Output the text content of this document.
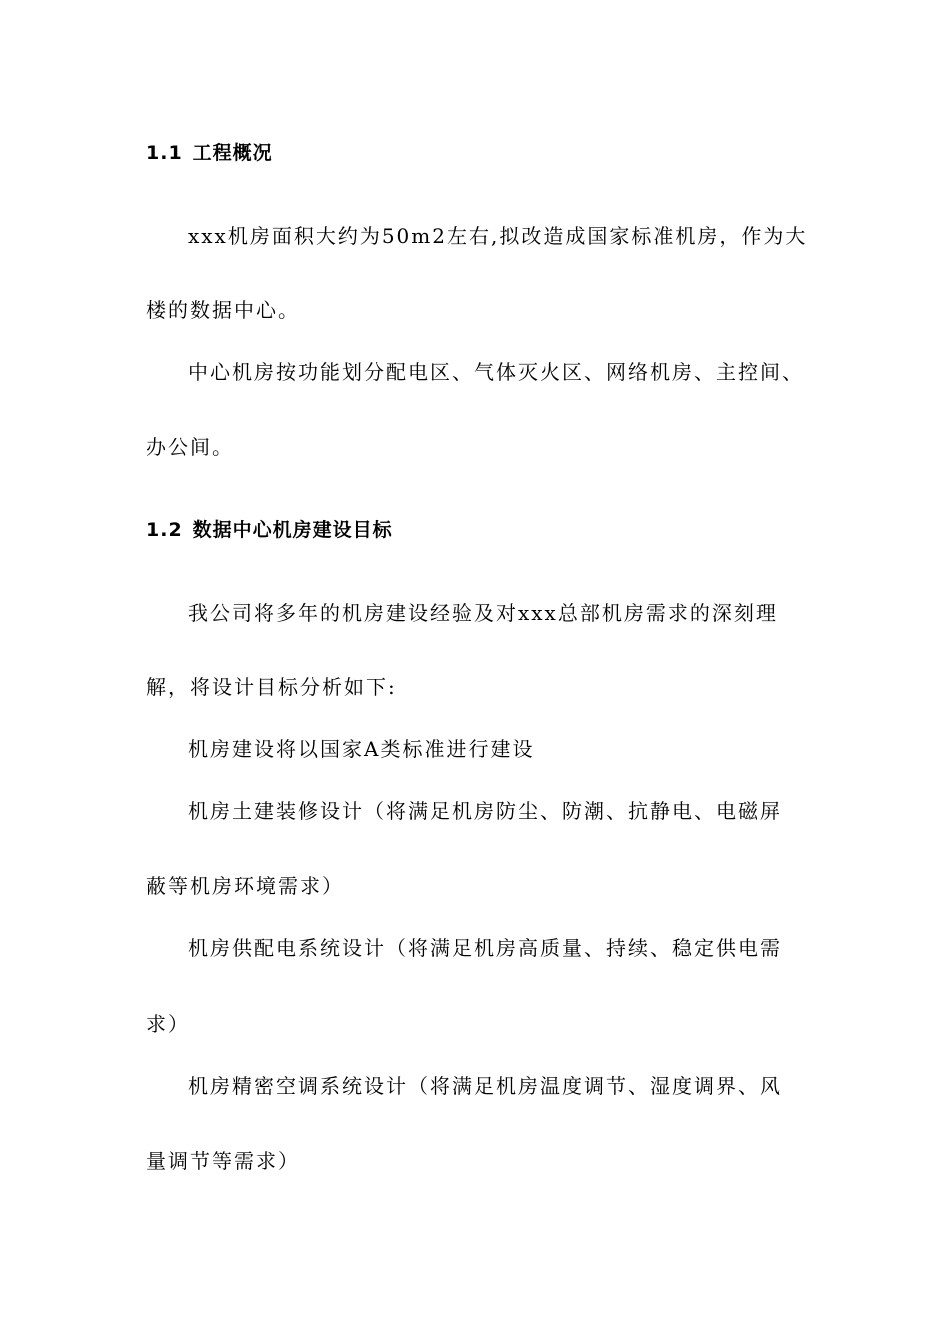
1.1 工程概况
xxx机房面积大约为50m2左右,拟改造成国家标准机房，作为大
楼的数据中心。
中心机房按功能划分配电区、气体灭火区、网络机房、主控间、
办公间。
1.2 数据中心机房建设目标
我公司将多年的机房建设经验及对xxx总部机房需求的深刻理
解，将设计目标分析如下:
机房建设将以国家A类标准进行建设
机房土建装修设计（将满足机房防尘、防潮、抗静电、电磁屏
蔽等机房环境需求）
机房供配电系统设计（将满足机房高质量、持续、稳定供电需
求）
机房精密空调系统设计（将满足机房温度调节、湿度调界、风
量调节等需求）
